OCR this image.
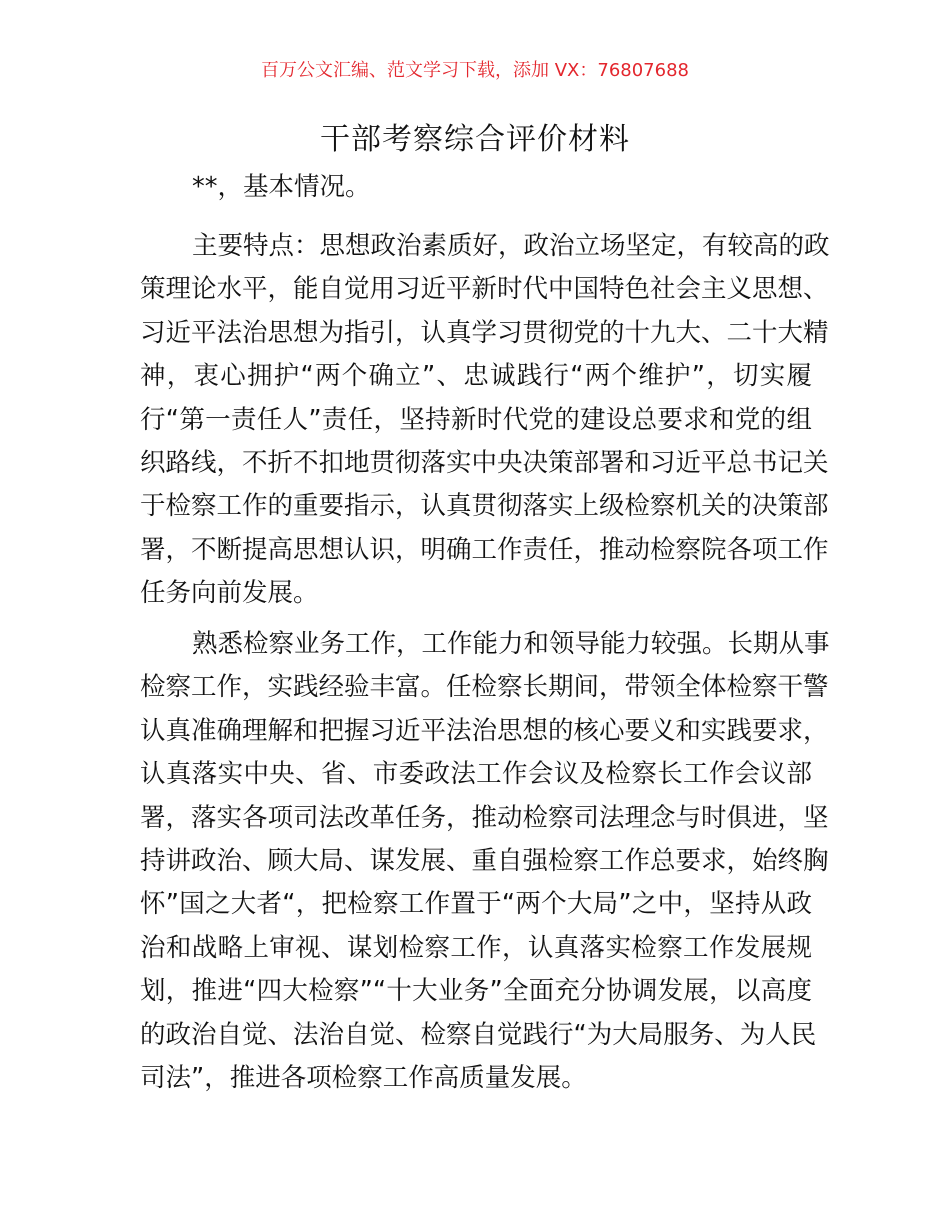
百万公文汇编、范文学习下载，添加 VX：76807688
干部考察综合评价材料
**，基本情况。
主要特点：思想政治素质好，政治立场坚定，有较高的政
策理论水平，能自觉用习近平新时代中国特色社会主义思想、
习近平法治思想为指引，认真学习贯彻党的十九大、二十大精
神，衷心拥护“两个确立”、忠诚践行“两个维护”，切实履
行“第一责任人”责任，坚持新时代党的建设总要求和党的组
织路线，不折不扣地贯彻落实中央决策部署和习近平总书记关
于检察工作的重要指示，认真贯彻落实上级检察机关的决策部
署，不断提高思想认识，明确工作责任，推动检察院各项工作
任务向前发展。
熟悉检察业务工作，工作能力和领导能力较强。长期从事
检察工作，实践经验丰富。任检察长期间，带领全体检察干警
认真准确理解和把握习近平法治思想的核心要义和实践要求，
认真落实中央、省、市委政法工作会议及检察长工作会议部
署，落实各项司法改革任务，推动检察司法理念与时俱进，坚
持讲政治、顾大局、谋发展、重自强检察工作总要求，始终胸
怀”国之大者“，把检察工作置于“两个大局”之中，坚持从政
治和战略上审视、谋划检察工作，认真落实检察工作发展规
划，推进“四大检察”“十大业务”全面充分协调发展，以高度
的政治自觉、法治自觉、检察自觉践行“为大局服务、为人民
司法”，推进各项检察工作高质量发展。
